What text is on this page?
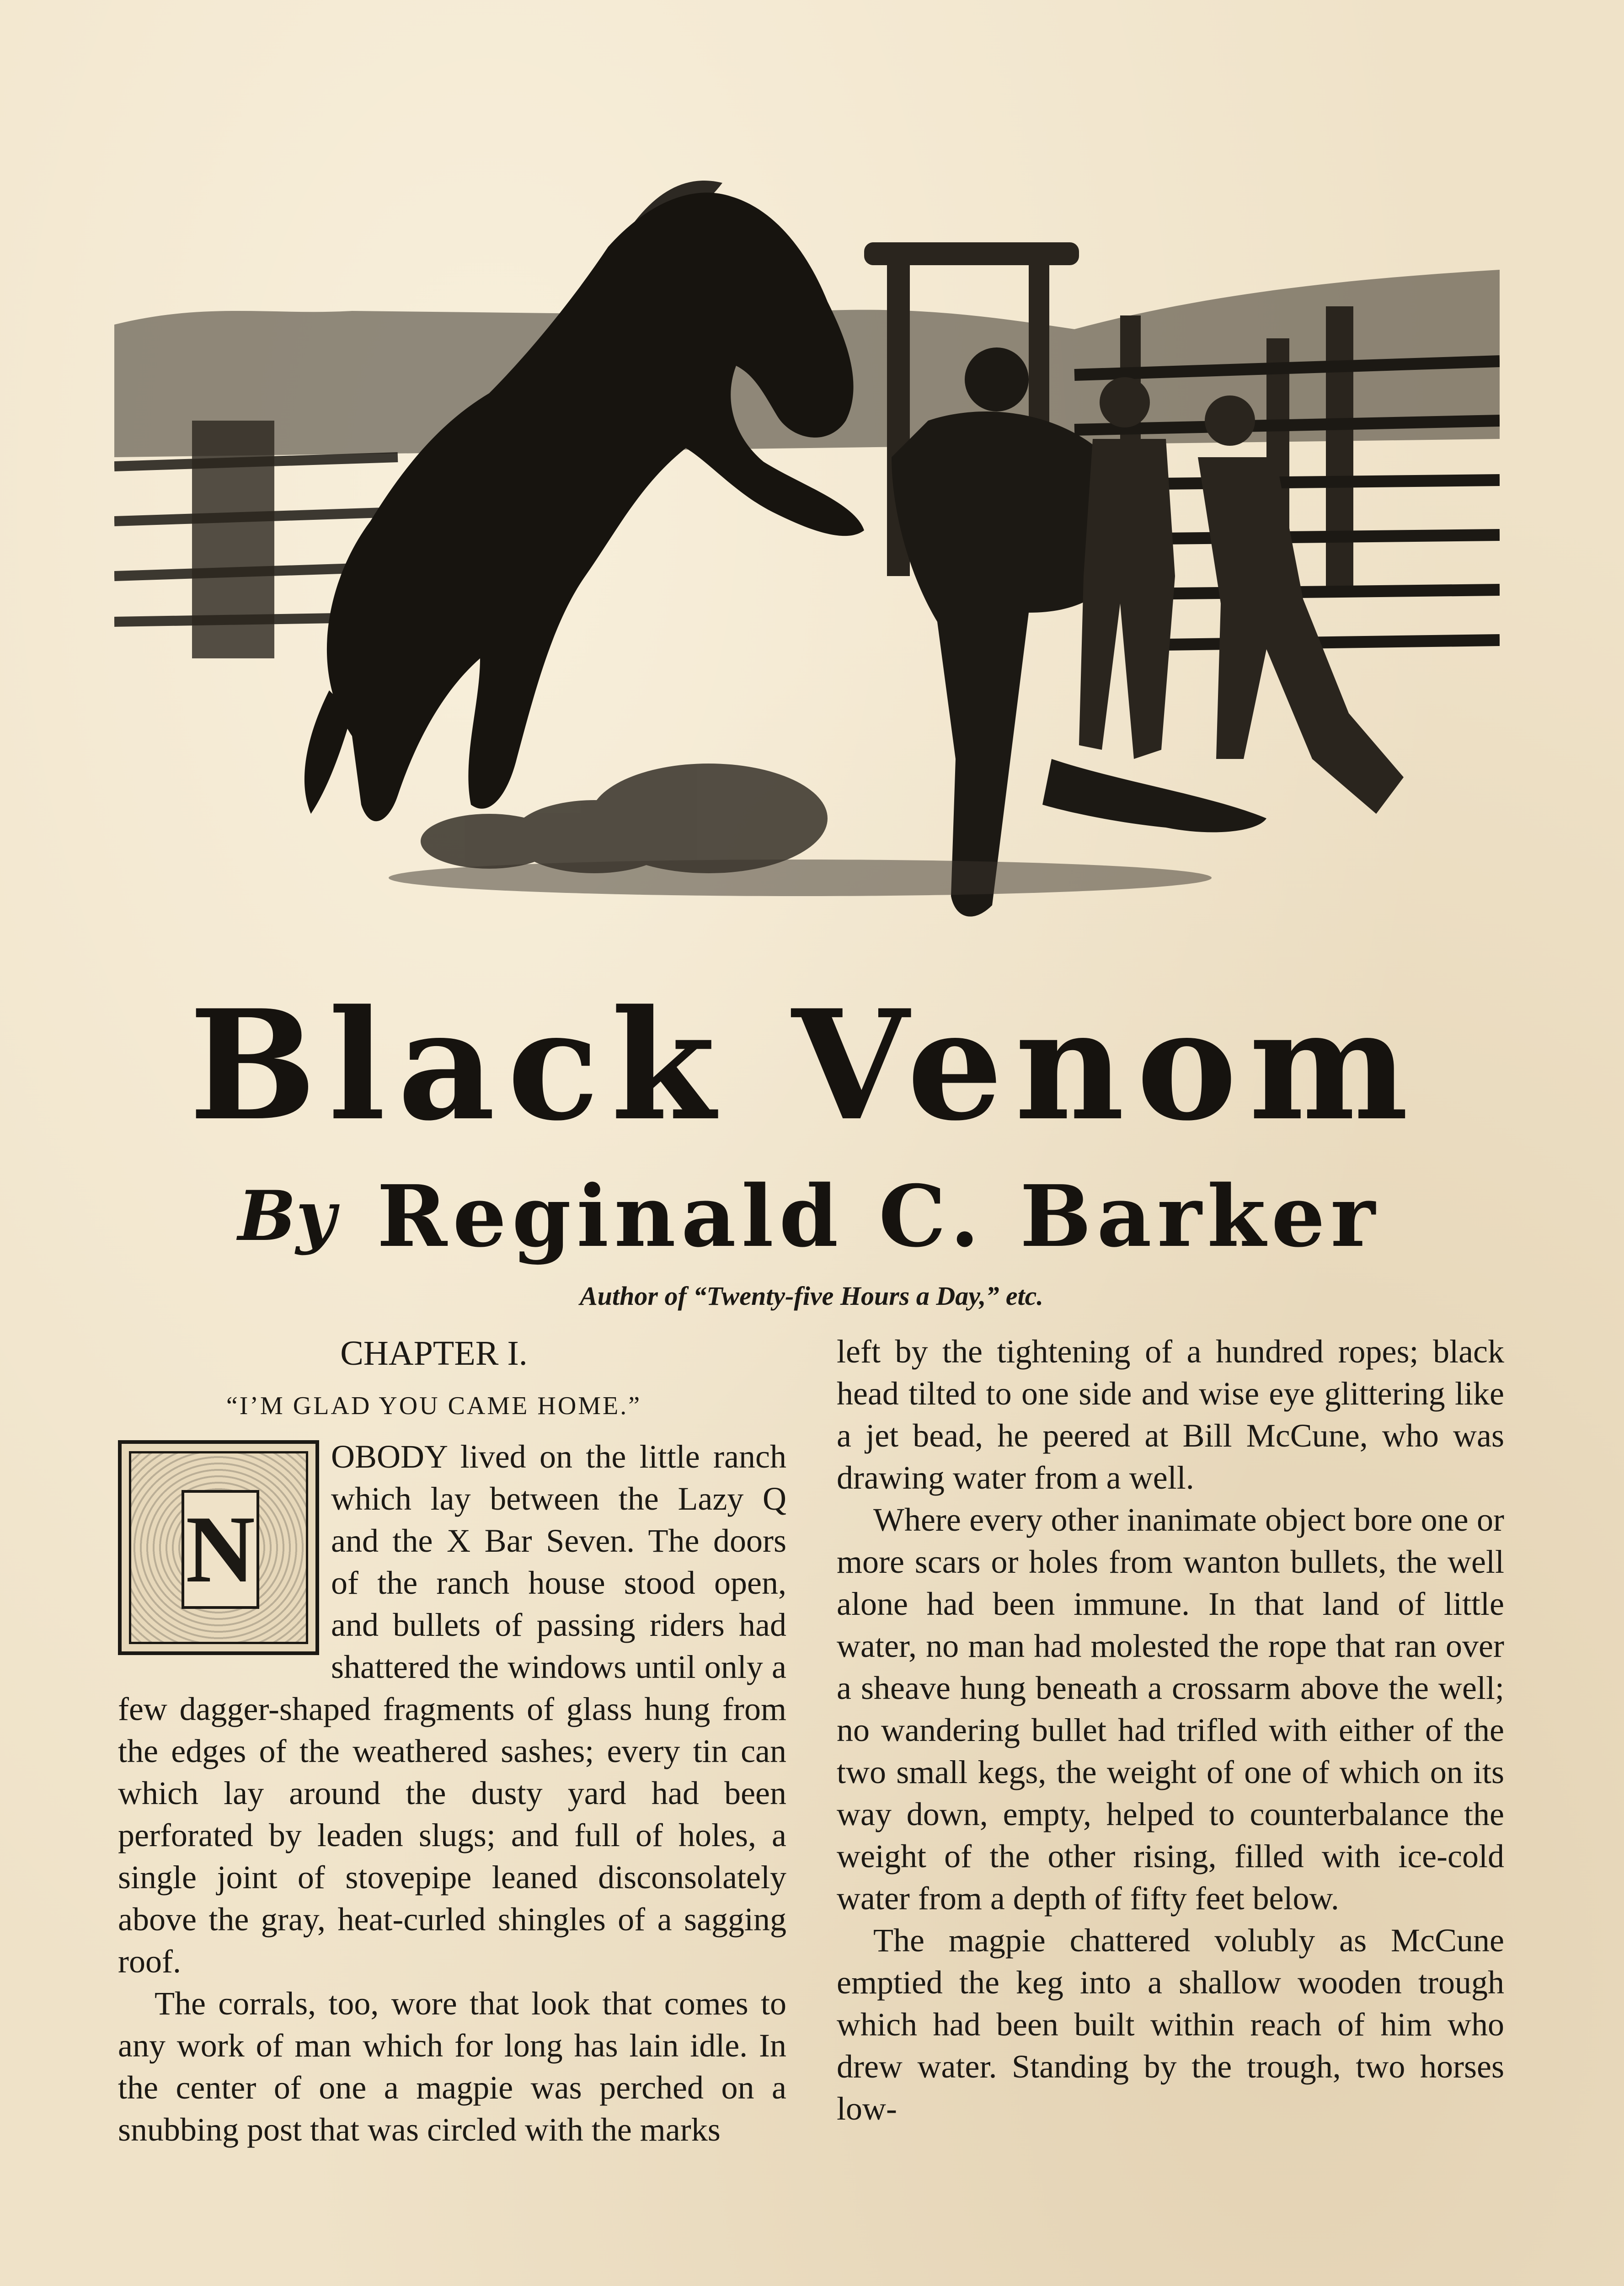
Black Venom
By Reginald C. Barker
Author of “Twenty-five Hours a Day,” etc.
CHAPTER I.
“I’M GLAD YOU CAME HOME.”
N

OBODY lived on the little ranch which lay between the Lazy Q and the X Bar Seven. The doors of the ranch house stood open, and bullets of passing riders had shattered the windows until only a few dagger-shaped fragments of glass hung from the edges of the weathered sashes; every tin can which lay around the dusty yard had been perforated by leaden slugs; and full of holes, a single joint of stovepipe leaned disconsolately above the gray, heat-curled shingles of a sagging roof.

The corrals, too, wore that look that comes to any work of man which for long has lain idle. In the center of one a magpie was perched on a snubbing post that was circled with the marks

left by the tightening of a hundred ropes; black head tilted to one side and wise eye glittering like a jet bead, he peered at Bill McCune, who was drawing water from a well.

Where every other inanimate object bore one or more scars or holes from wanton bullets, the well alone had been immune. In that land of little water, no man had molested the rope that ran over a sheave hung beneath a crossarm above the well; no wandering bullet had trifled with either of the two small kegs, the weight of one of which on its way down, empty, helped to counterbalance the weight of the other rising, filled with ice-cold water from a depth of fifty feet below.

The magpie chattered volubly as McCune emptied the keg into a shallow wooden trough which had been built within reach of him who drew water. Standing by the trough, two horses low-
